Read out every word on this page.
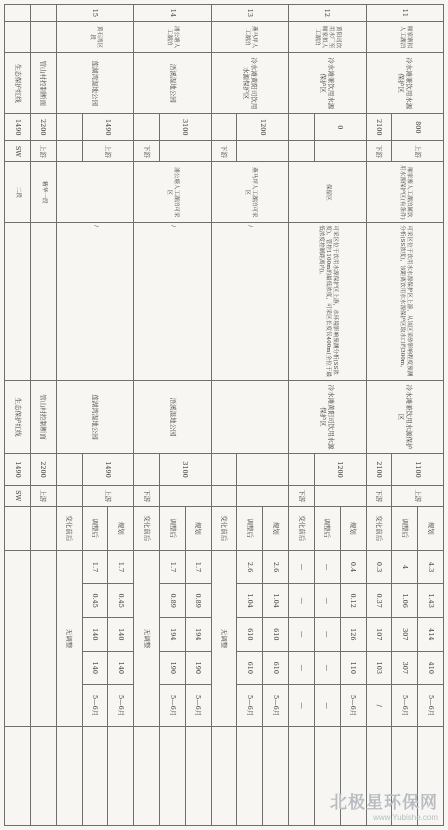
11	厢家寨拟人工湖泊	冷水滩兼饮用水源保护区	800	上游	厢家寨人工湖泊属饮用水源保护区(有条件)	可采区位于饮用水水源保护区上游，从该区采砂影响程度预测分析(SS浓度)，该距离饮用水水源保护区取水口约300m。	冷水滩兼饮用水源保护区	1100	上游	规划	4.3	1.43	414	410	5—6月	
										调整后	4	1.06	307	307	5—6月	
			2100	下游				2100	下游	变化前后	0.3	0.37	107	103	/	
12	黄阳司饮用水厂至厢家拟人工湖泊	冷水滩兼饮用水源保护区	0		保留区	可采区位于饮用水源保护区上游，水环境影响预测分析(SS浓度)，管控1100m的最低浓度，可采区长度仅400m(全位于最低浓度控制距离内)。	冷水滩黄阳司饮用水源保护区	1200		规划	0.4	0.12	126	110	5—6月	
										调整后	—	—	—	—	—	
									下游	变化前后	—	—	—	—	—	
13	燕马坪人工湖泊	冷水滩黄阳司饮用水源保护区	1200		燕马坪人工湖泊可采区	/				规划	2.6	1.04	610	610	5—6月	
										调整后	2.6	1.04	610	610	5—6月	
				下游						变化前后	无调整					
14	浦公塘人工湖泊	浯溪湿地公园	3100		浦公塘人工湖泊可采区	/	浯溪湿地公园	3100		规划	1.7	0.89	194	190	5—6月	
										调整后	1.7	0.89	194	190	5—6月	
				下游					下游	变化前后	无调整					
15	黄石湾区段	莲湖湾湿地公园	1490	上游		/	莲湖湾湿地公园	1490	上游	规划	1.7	0.45	140	140	5—6月	
										调整后	1.7	0.45	140	140	5—6月	
										变化前后	无调整					
		管山村控制断面	2200	上游	精华一段		管山村控制断面	2200	上游							
		生态保护红线	1490	SW	二段		生态保护红线	1490	SW							
北极星环保网
www.Yubishe.com
